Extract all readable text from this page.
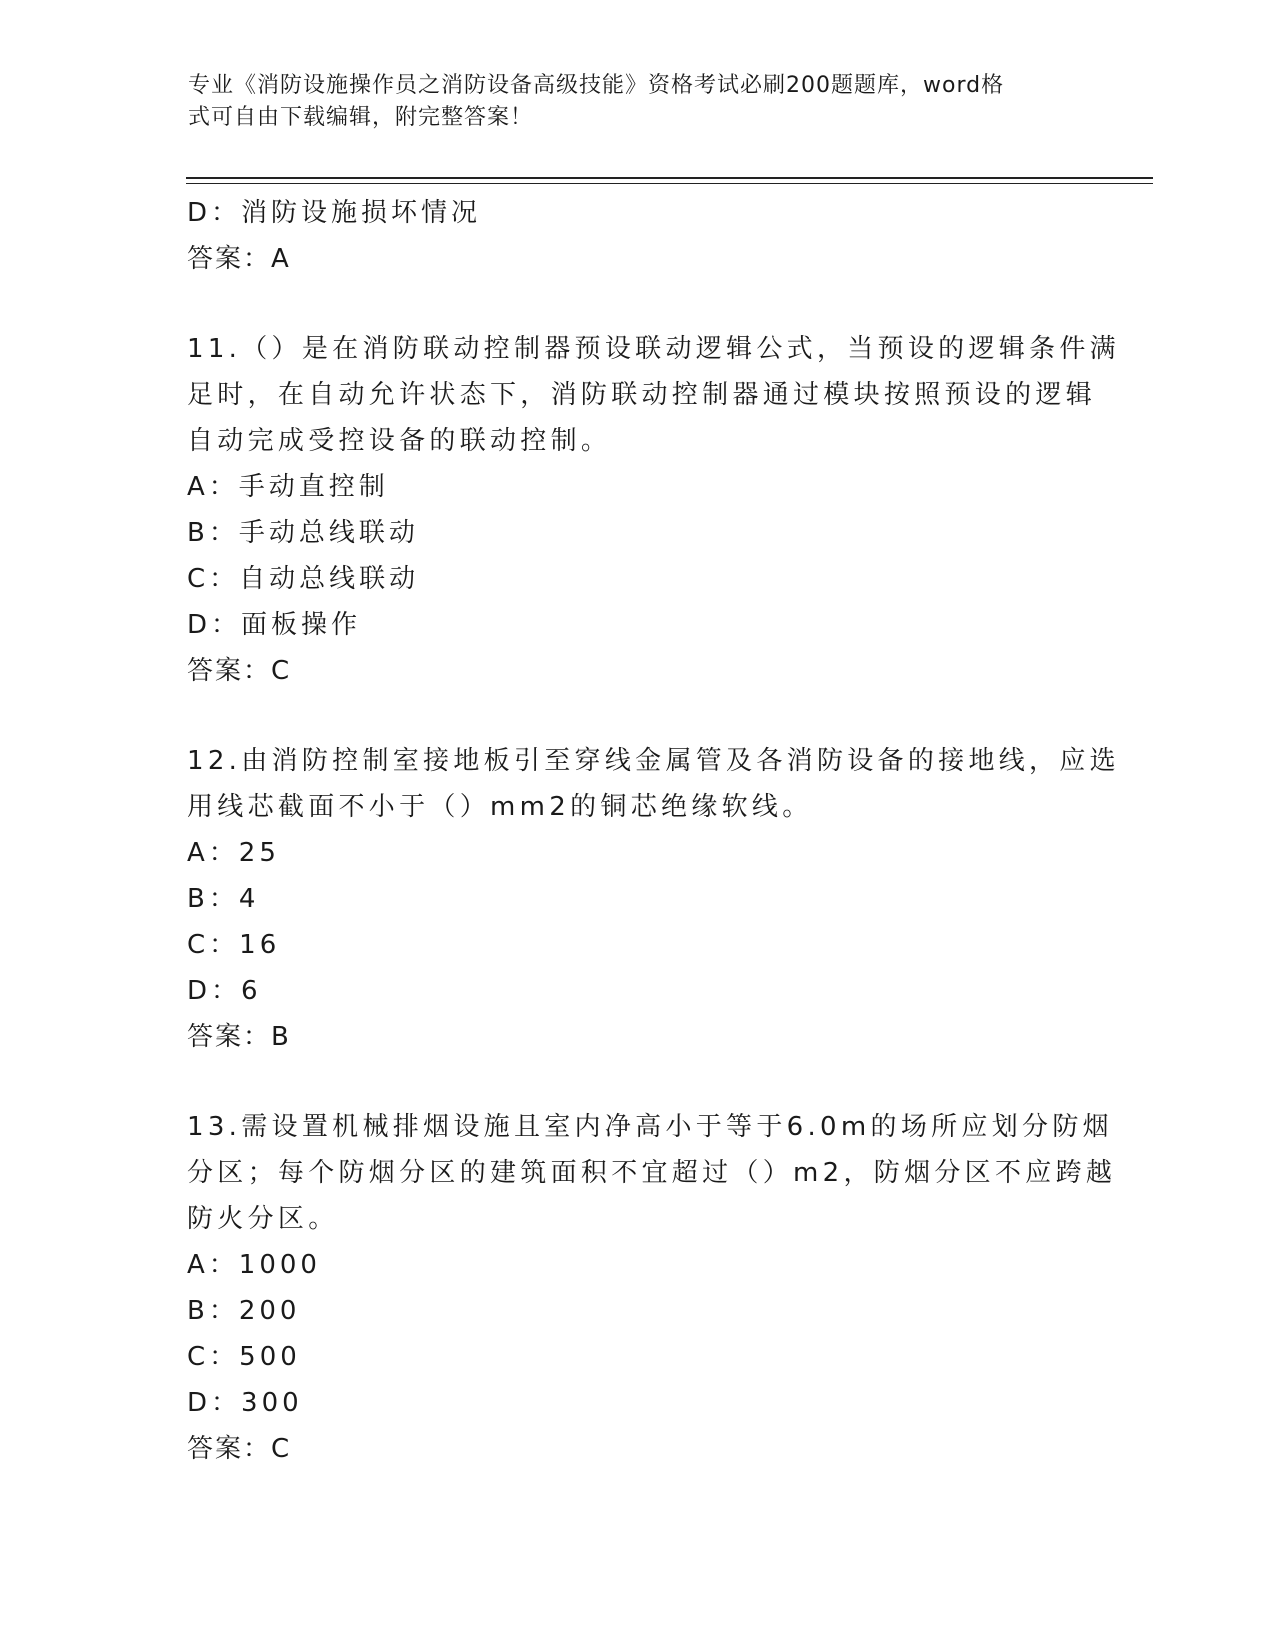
专业《消防设施操作员之消防设备高级技能》资格考试必刷200题题库，word格
式可自由下载编辑，附完整答案！
D：消防设施损坏情况
答案：A
11.（）是在消防联动控制器预设联动逻辑公式，当预设的逻辑条件满
足时，在自动允许状态下，消防联动控制器通过模块按照预设的逻辑
自动完成受控设备的联动控制。
A：手动直控制
B：手动总线联动
C：自动总线联动
D：面板操作
答案：C
12.由消防控制室接地板引至穿线金属管及各消防设备的接地线，应选
用线芯截面不小于（）mm2的铜芯绝缘软线。
A：25
B：4
C：16
D：6
答案：B
13.需设置机械排烟设施且室内净高小于等于6.0m的场所应划分防烟
分区；每个防烟分区的建筑面积不宜超过（）m2，防烟分区不应跨越
防火分区。
A：1000
B：200
C：500
D：300
答案：C
